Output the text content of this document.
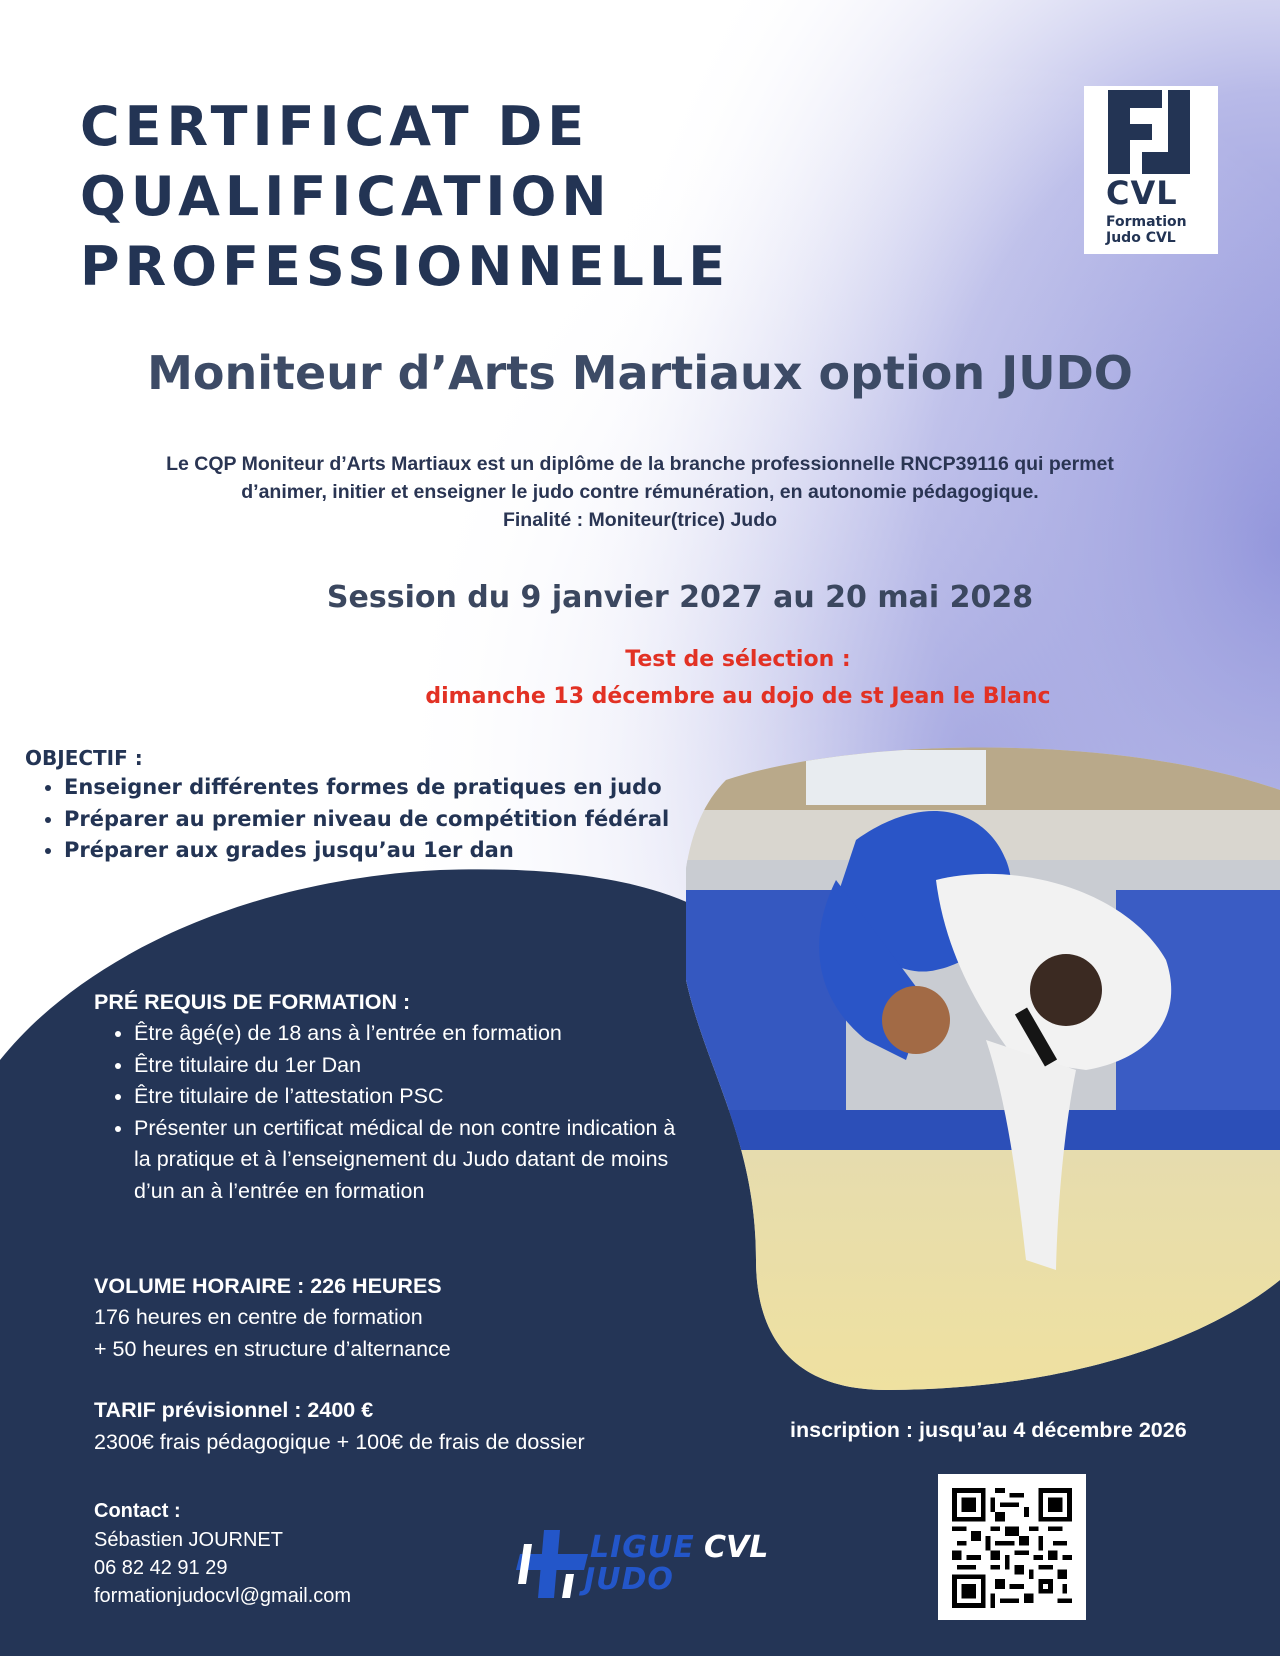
CERTIFICAT DE
QUALIFICATION
PROFESSIONNELLE
CVL
Formation
Judo CVL
Moniteur d’Arts Martiaux option JUDO
Le CQP Moniteur d’Arts Martiaux est un diplôme de la branche professionnelle RNCP39116 qui permet
d’animer, initier et enseigner le judo contre rémunération, en autonomie pédagogique.
Finalité : Moniteur(trice) Judo
Session du 9 janvier 2027 au 20 mai 2028
Test de sélection :
dimanche 13 décembre au dojo de st Jean le Blanc
OBJECTIF :
• Enseigner différentes formes de pratiques en judo
• Préparer au premier niveau de compétition fédéral
• Préparer aux grades jusqu’au 1er dan
PRÉ REQUIS DE FORMATION :
• Être âgé(e) de 18 ans à l’entrée en formation
• Être titulaire du 1er Dan
• Être titulaire de l’attestation PSC
• Présenter un certificat médical de non contre indication à la pratique et à l’enseignement du Judo datant de moins d’un an à l’entrée en formation
VOLUME HORAIRE : 226 HEURES
176 heures en centre de formation
+ 50 heures en structure d’alternance
TARIF prévisionnel : 2400 €
2300€ frais pédagogique + 100€ de frais de dossier
Contact :
Sébastien JOURNET
06 82 42 91 29
formationjudocvl@gmail.com
LIGUE
JUDO
CVL
inscription : jusqu’au 4 décembre 2026
